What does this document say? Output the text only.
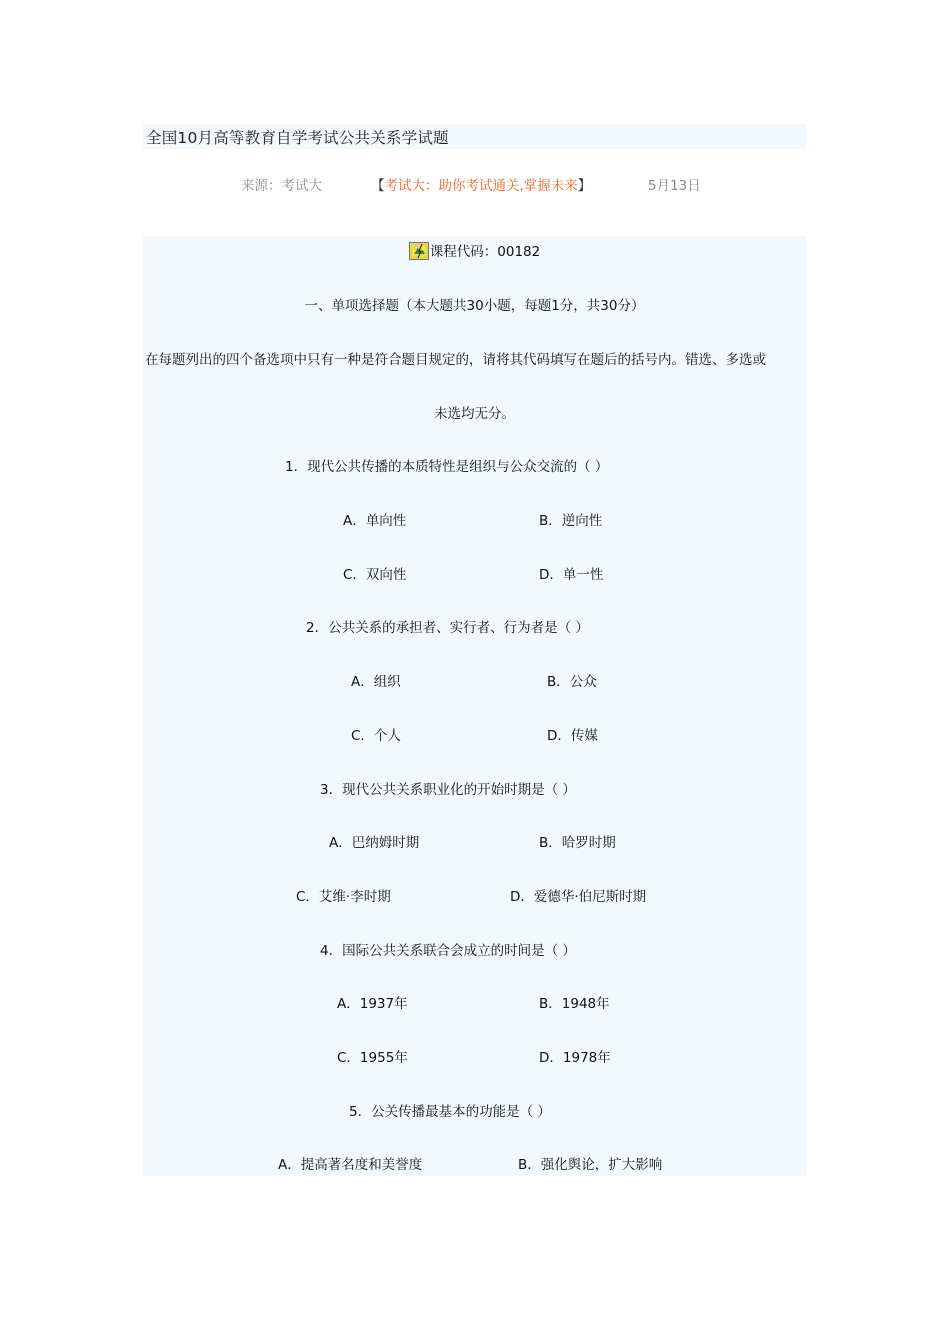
全国10月高等教育自学考试公共关系学试题
来源：考试大	【考试大：助你考试通关,掌握未来】	5月13日
课程代码：00182
一、单项选择题（本大题共30小题，每题1分，共30分）
在每题列出的四个备选项中只有一种是符合题目规定的，请将其代码填写在题后的括号内。错选、多选或
未选均无分。
1．现代公共传播的本质特性是组织与公众交流的（ ）
A．单向性	B．逆向性
C．双向性	D．单一性
2．公共关系的承担者、实行者、行为者是（ ）
A．组织	B．公众
C．个人	D．传媒
3．现代公共关系职业化的开始时期是（ ）
A．巴纳姆时期	B．哈罗时期
C．艾维·李时期	D．爱德华·伯尼斯时期
4．国际公共关系联合会成立的时间是（ ）
A．1937年	B．1948年
C．1955年	D．1978年
5．公关传播最基本的功能是（ ）
A．提高著名度和美誉度	B．强化舆论，扩大影响
